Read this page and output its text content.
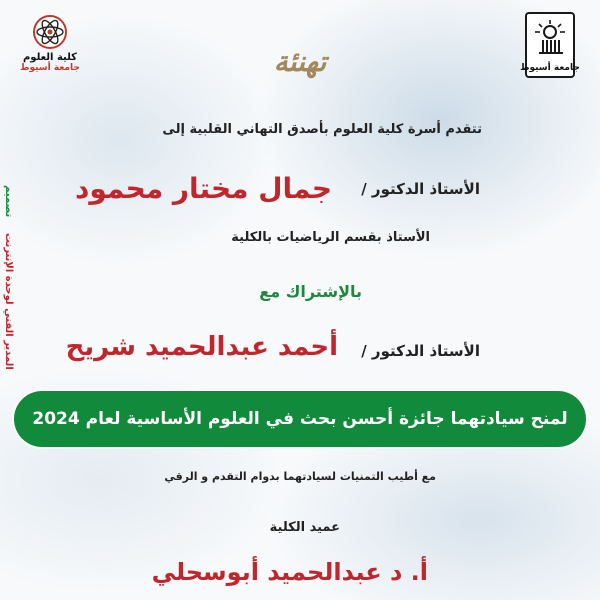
جامعة أسيوط
كلية العلوم
جامعة أسيوط	تهنئة
تتقدم أسرة كلية العلوم بأصدق التهاني القلبية إلى
الأستاذ الدكتور /
جمال مختار محمود
الأستاذ بقسم الرياضيات بالكلية
بالإشتراك مع
الأستاذ الدكتور /
أحمد عبدالحميد شريح
لمنح سيادتهما جائزة أحسن بحث في العلوم الأساسية لعام 2024
مع أطيب التمنيات لسيادتهما بدوام التقدم و الرقي
عميد الكلية
أ. د عبدالحميد أبوسحلي
تصميم
المدير الفني لوحدة الإنترنت
